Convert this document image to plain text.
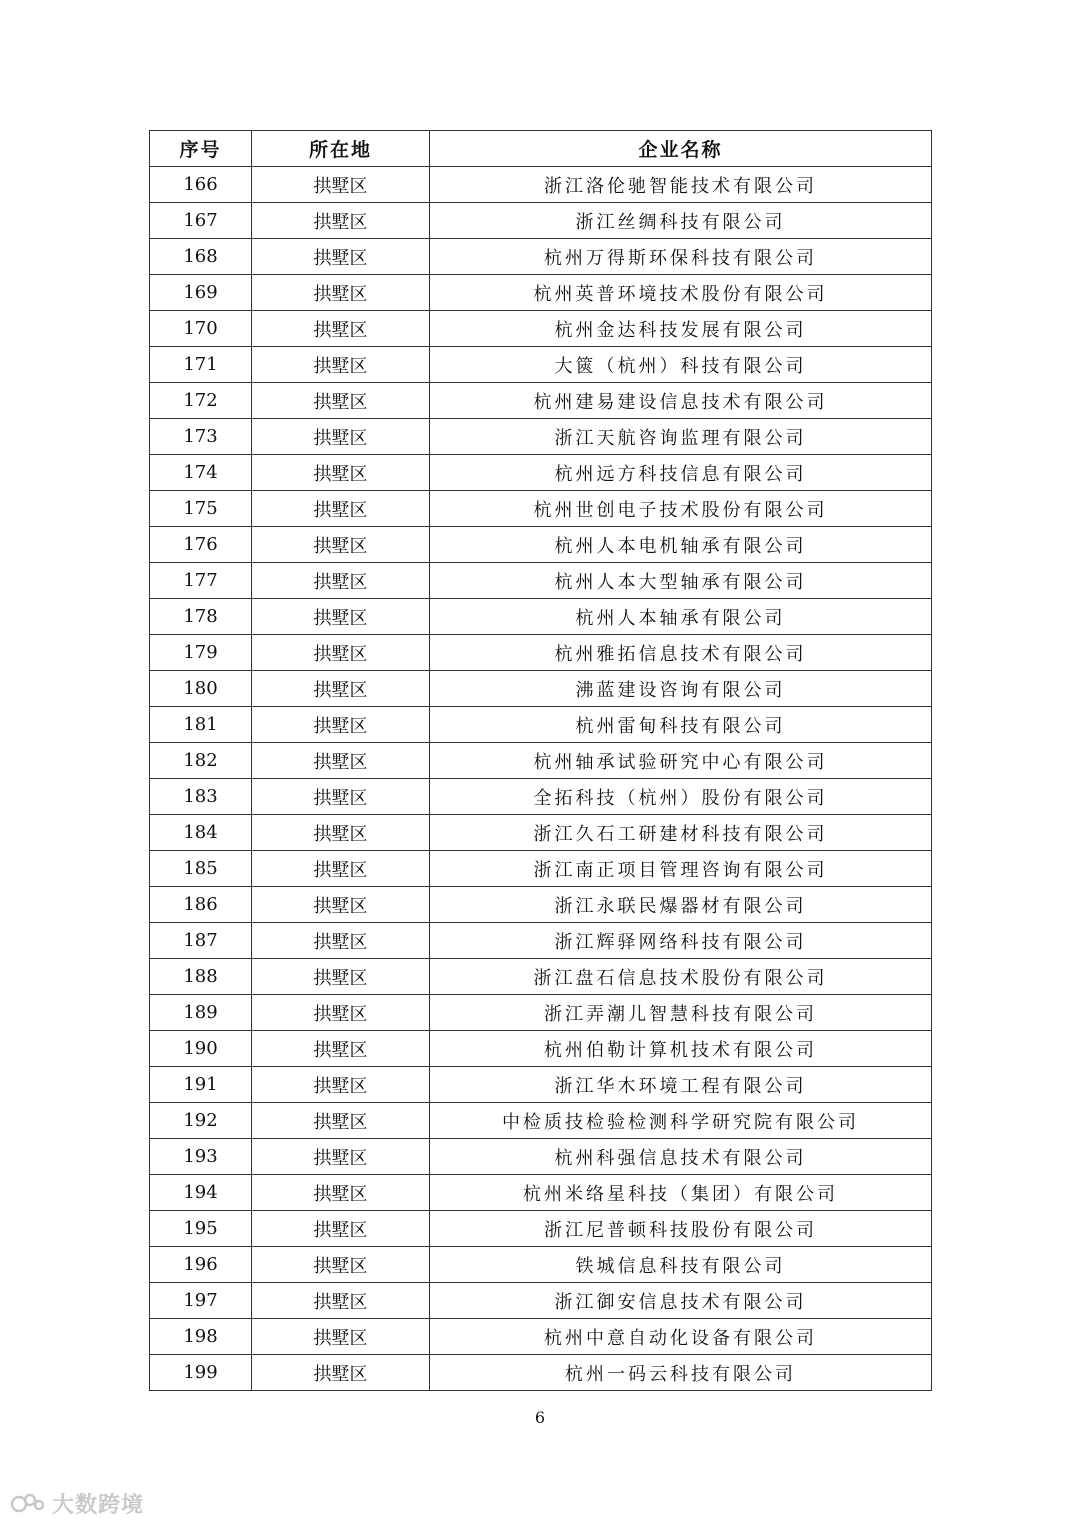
序号	所在地	企业名称
166	拱墅区	浙江洛伦驰智能技术有限公司
167	拱墅区	浙江丝绸科技有限公司
168	拱墅区	杭州万得斯环保科技有限公司
169	拱墅区	杭州英普环境技术股份有限公司
170	拱墅区	杭州金达科技发展有限公司
171	拱墅区	大篋（杭州）科技有限公司
172	拱墅区	杭州建易建设信息技术有限公司
173	拱墅区	浙江天航咨询监理有限公司
174	拱墅区	杭州远方科技信息有限公司
175	拱墅区	杭州世创电子技术股份有限公司
176	拱墅区	杭州人本电机轴承有限公司
177	拱墅区	杭州人本大型轴承有限公司
178	拱墅区	杭州人本轴承有限公司
179	拱墅区	杭州雅拓信息技术有限公司
180	拱墅区	沸蓝建设咨询有限公司
181	拱墅区	杭州雷甸科技有限公司
182	拱墅区	杭州轴承试验研究中心有限公司
183	拱墅区	全拓科技（杭州）股份有限公司
184	拱墅区	浙江久石工研建材科技有限公司
185	拱墅区	浙江南正项目管理咨询有限公司
186	拱墅区	浙江永联民爆器材有限公司
187	拱墅区	浙江辉驿网络科技有限公司
188	拱墅区	浙江盘石信息技术股份有限公司
189	拱墅区	浙江弄潮儿智慧科技有限公司
190	拱墅区	杭州伯勒计算机技术有限公司
191	拱墅区	浙江华木环境工程有限公司
192	拱墅区	中检质技检验检测科学研究院有限公司
193	拱墅区	杭州科强信息技术有限公司
194	拱墅区	杭州米络星科技（集团）有限公司
195	拱墅区	浙江尼普顿科技股份有限公司
196	拱墅区	铁城信息科技有限公司
197	拱墅区	浙江御安信息技术有限公司
198	拱墅区	杭州中意自动化设备有限公司
199	拱墅区	杭州一码云科技有限公司
6
大数跨境
